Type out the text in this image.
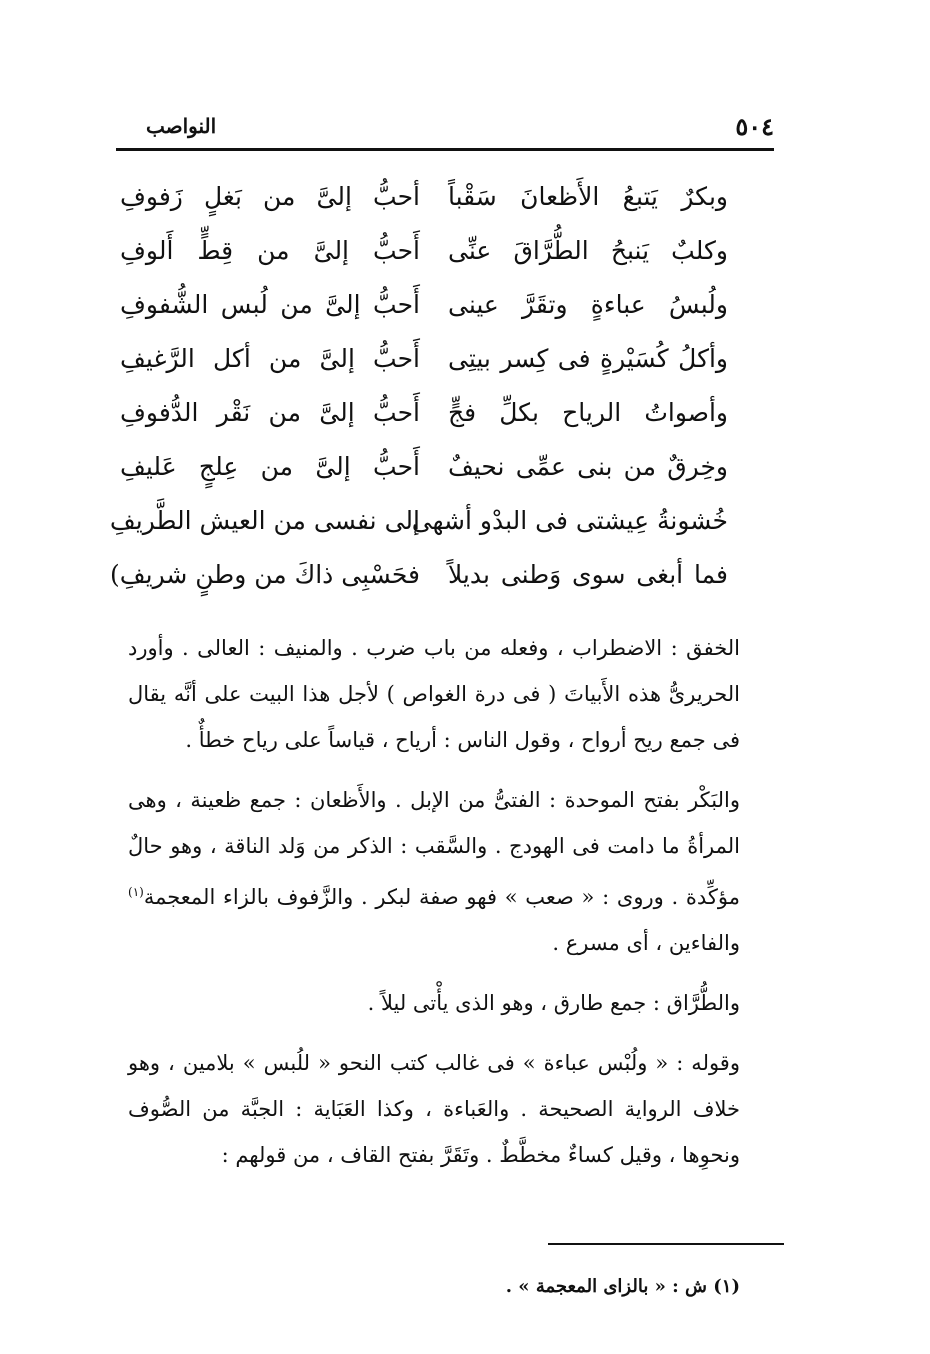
٥٠٤
النواصب
وبكرٌ يَتبعُ الأَظعانَ سَقْباً
أحبُّ إلىَّ من بَغلٍ زَفوفِ
وكلبٌ يَنبحُ الطُّرَّاقَ عنِّى
أَحبُّ إلىَّ من قِطٍّ أَلوفِ
ولُبسُ عباءةٍ وتقَرَّ عينى
أَحبُّ إلىَّ من لُبس الشُّفوفِ
وأكلُ كُسَيْرةٍ فى كِسر بيتِى
أَحبُّ إلىَّ من أكل الرَّغيفِ
وأصواتُ الرياح بكلِّ فجٍّ
أَحبُّ إلىَّ من نَقْر الدُّفوفِ
وخِرقٌ من بنى عمِّى نحيفٌ
أَحبُّ إلىَّ من عِلجٍ عَليفِ
خُشونةُ عِيشتى فى البدْو أشهى
إلى نفسى من العيش الطَّريفِ
فما أبغى سوى وَطنى بديلاً
فحَسْبِى ذاكَ من وطنٍ شريفِ)

الخفق : الاضطراب ، وفعله من باب ضرب . والمنيف : العالى . وأورد الحريرىُّ هذه الأَبياتَ ( فى درة الغواص ) لأجل هذا البيت على أنَّه يقال فى جمع ريح أرواح ، وقول الناس : أرياح ، قياساً على رياح خطأٌ .

والبَكْر بفتح الموحدة : الفتىُّ من الإبل . والأَظعان : جمع ظعينة ، وهى المرأةُ ما دامت فى الهودج . والسَّقب : الذكر من وَلد الناقة ، وهو حالٌ مؤكِّدة . وروى : « صعب » فهو صفة لبكر . والزَّفوف بالزاء المعجمة$^{(١)}$ والفاءين ، أى مسرع .

والطُّرَّاق : جمع طارق ، وهو الذى يأْتى ليلاً .

وقوله : « ولُبْس عباءة » فى غالب كتب النحو « للُبس » بلامين ، وهو خلاف الرواية الصحيحة . والعَباءة ، وكذا العَبَاية : الجبَّة من الصُّوف ونحوِها ، وقيل كساءٌ مخطَّطٌ . وتَقَرَّ بفتح القاف ، من قولهم :

(١) ش : « بالزاى المعجمة » .
